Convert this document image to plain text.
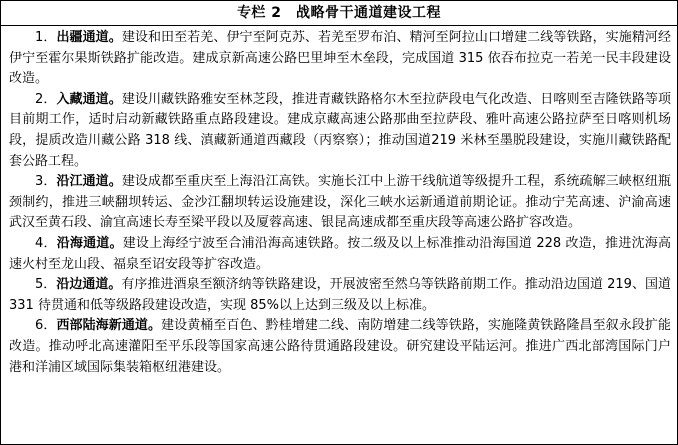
专栏 2　战略骨干通道建设工程

1．出疆通道。建设和田至若羌、伊宁至阿克苏、若羌至罗布泊、精河至阿拉山口增建二线等铁路，实施精河经伊宁至霍尔果斯铁路扩能改造。建成京新高速公路巴里坤至木垒段，完成国道 315 依吞布拉克一若羌一民丰段建设改造。

2．入藏通道。建设川藏铁路雅安至林芝段，推进青藏铁路格尔木至拉萨段电气化改造、日喀则至吉隆铁路等项目前期工作，适时启动新藏铁路重点路段建设。建成京藏高速公路那曲至拉萨段、雅叶高速公路拉萨至日喀则机场段，提质改造川藏公路 318 线、滇藏新通道西藏段（丙察察）；推动国道219 米林至墨脱段建设，实施川藏铁路配套公路工程。

3．沿江通道。建设成都至重庆至上海沿江高铁。实施长江中上游干线航道等级提升工程，系统疏解三峡枢纽瓶颈制约，推进三峡翻坝转运、金沙江翻坝转运设施建设，深化三峡水运新通道前期论证。推动宁芜高速、沪渝高速武汉至黄石段、渝宜高速长寿至梁平段以及厦蓉高速、银昆高速成都至重庆段等高速公路扩容改造。

4．沿海通道。建设上海经宁波至合浦沿海高速铁路。按二级及以上标准推动沿海国道 228 改造，推进沈海高速火村至龙山段、福泉至诏安段等扩容改造。

5．沿边通道。有序推进酒泉至额济纳等铁路建设，开展波密至然乌等铁路前期工作。推动沿边国道 219、国道 331 待贯通和低等级路段建设改造，实现 85%以上达到三级及以上标准。

6．西部陆海新通道。建设黄桶至百色、黔桂增建二线、南防增建二线等铁路，实施隆黄铁路隆昌至叙永段扩能改造。推动呼北高速灌阳至平乐段等国家高速公路待贯通路段建设。研究建设平陆运河。推进广西北部湾国际门户港和洋浦区域国际集装箱枢纽港建设。
